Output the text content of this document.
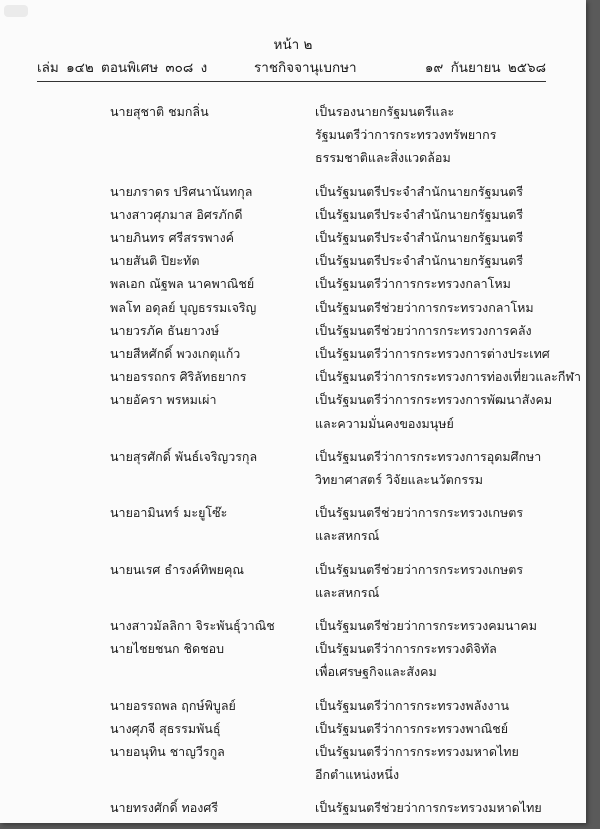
หน้า ๒
เล่ม ๑๔๒ ตอนพิเศษ ๓๐๘ ง	ราชกิจจานุเบกษา	๑๙ กันยายน ๒๕๖๘
นายสุชาติ ชมกลิ่น	เป็นรองนายกรัฐมนตรีและ
รัฐมนตรีว่าการกระทรวงทรัพยากร
ธรรมชาติและสิ่งแวดล้อม
นายภราดร ปริศนานันทกุล	เป็นรัฐมนตรีประจำสำนักนายกรัฐมนตรี
นางสาวศุภมาส อิศรภักดี	เป็นรัฐมนตรีประจำสำนักนายกรัฐมนตรี
นายภินทร ศรีสรรพางค์	เป็นรัฐมนตรีประจำสำนักนายกรัฐมนตรี
นายสันติ ปิยะทัต	เป็นรัฐมนตรีประจำสำนักนายกรัฐมนตรี
พลเอก ณัฐพล นาคพาณิชย์	เป็นรัฐมนตรีว่าการกระทรวงกลาโหม
พลโท อดุลย์ บุญธรรมเจริญ	เป็นรัฐมนตรีช่วยว่าการกระทรวงกลาโหม
นายวรภัค ธันยาวงษ์	เป็นรัฐมนตรีช่วยว่าการกระทรวงการคลัง
นายสีหศักดิ์ พวงเกตุแก้ว	เป็นรัฐมนตรีว่าการกระทรวงการต่างประเทศ
นายอรรถกร ศิริลัทธยากร	เป็นรัฐมนตรีว่าการกระทรวงการท่องเที่ยวและกีฬา
นายอัครา พรหมเผ่า	เป็นรัฐมนตรีว่าการกระทรวงการพัฒนาสังคม
และความมั่นคงของมนุษย์
นายสุรศักดิ์ พันธ์เจริญวรกุล	เป็นรัฐมนตรีว่าการกระทรวงการอุดมศึกษา
วิทยาศาสตร์ วิจัยและนวัตกรรม
นายอามินทร์ มะยูโซ๊ะ	เป็นรัฐมนตรีช่วยว่าการกระทรวงเกษตร
และสหกรณ์
นายนเรศ ธำรงค์ทิพยคุณ	เป็นรัฐมนตรีช่วยว่าการกระทรวงเกษตร
และสหกรณ์
นางสาวมัลลิกา จิระพันธุ์วาณิช	เป็นรัฐมนตรีช่วยว่าการกระทรวงคมนาคม
นายไชยชนก ชิดชอบ	เป็นรัฐมนตรีว่าการกระทรวงดิจิทัล
เพื่อเศรษฐกิจและสังคม
นายอรรถพล ฤกษ์พิบูลย์	เป็นรัฐมนตรีว่าการกระทรวงพลังงาน
นางศุภจี สุธรรมพันธุ์	เป็นรัฐมนตรีว่าการกระทรวงพาณิชย์
นายอนุทิน ชาญวีรกูล	เป็นรัฐมนตรีว่าการกระทรวงมหาดไทย
อีกตำแหน่งหนึ่ง
นายทรงศักดิ์ ทองศรี	เป็นรัฐมนตรีช่วยว่าการกระทรวงมหาดไทย
